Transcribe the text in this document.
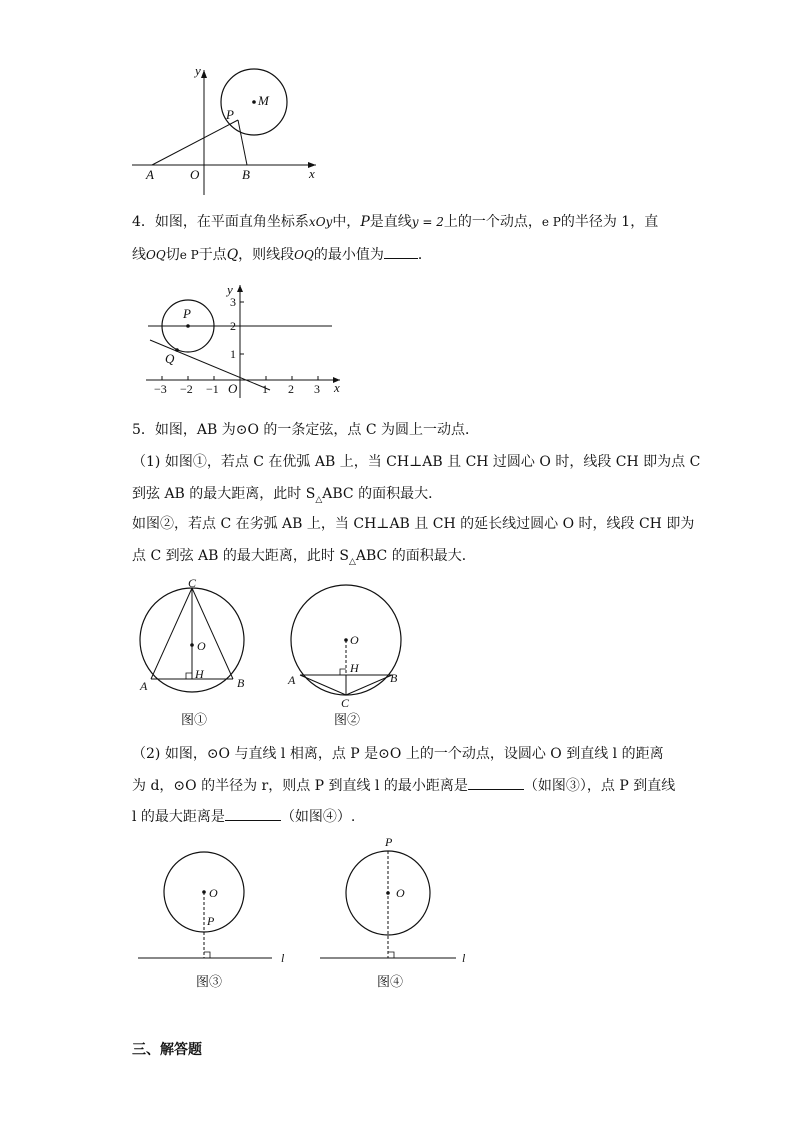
y
x
O
A	B
P
M
4．如图，在平面直角坐标系xOy中，P是直线y = 2上的一个动点，e P的半径为 1，直
线OQ切e P于点Q，则线段OQ的最小值为 ．
y
x
O
P
Q
3
2
1
−3 −2 −1	1 2 3
5．如图，AB 为⊙O 的一条定弦，点 C 为圆上一动点．
（1) 如图①，若点 C 在优弧 AB 上，当 CH⊥AB 且 CH 过圆心 O 时，线段 CH 即为点 C
到弦 AB 的最大距离，此时 $S_\triangle ABC$ 的面积最大．
如图②，若点 C 在劣弧 AB 上，当 CH⊥AB 且 CH 的延长线过圆心 O 时，线段 CH 即为
点 C 到弦 AB 的最大距离，此时 $S_\triangle ABC$ 的面积最大．
C
O
H
A	B
图①
O
H
A	B
C
图②
（2) 如图，⊙O 与直线 l 相离，点 P 是⊙O 上的一个动点，设圆心 O 到直线 l 的距离
为 d，⊙O 的半径为 r，则点 P 到直线 l 的最小距离是	（如图③），点 P 到直线
l 的最大距离是	（如图④）.
O
P
l
图③
P
O
l
图④
三、解答题
